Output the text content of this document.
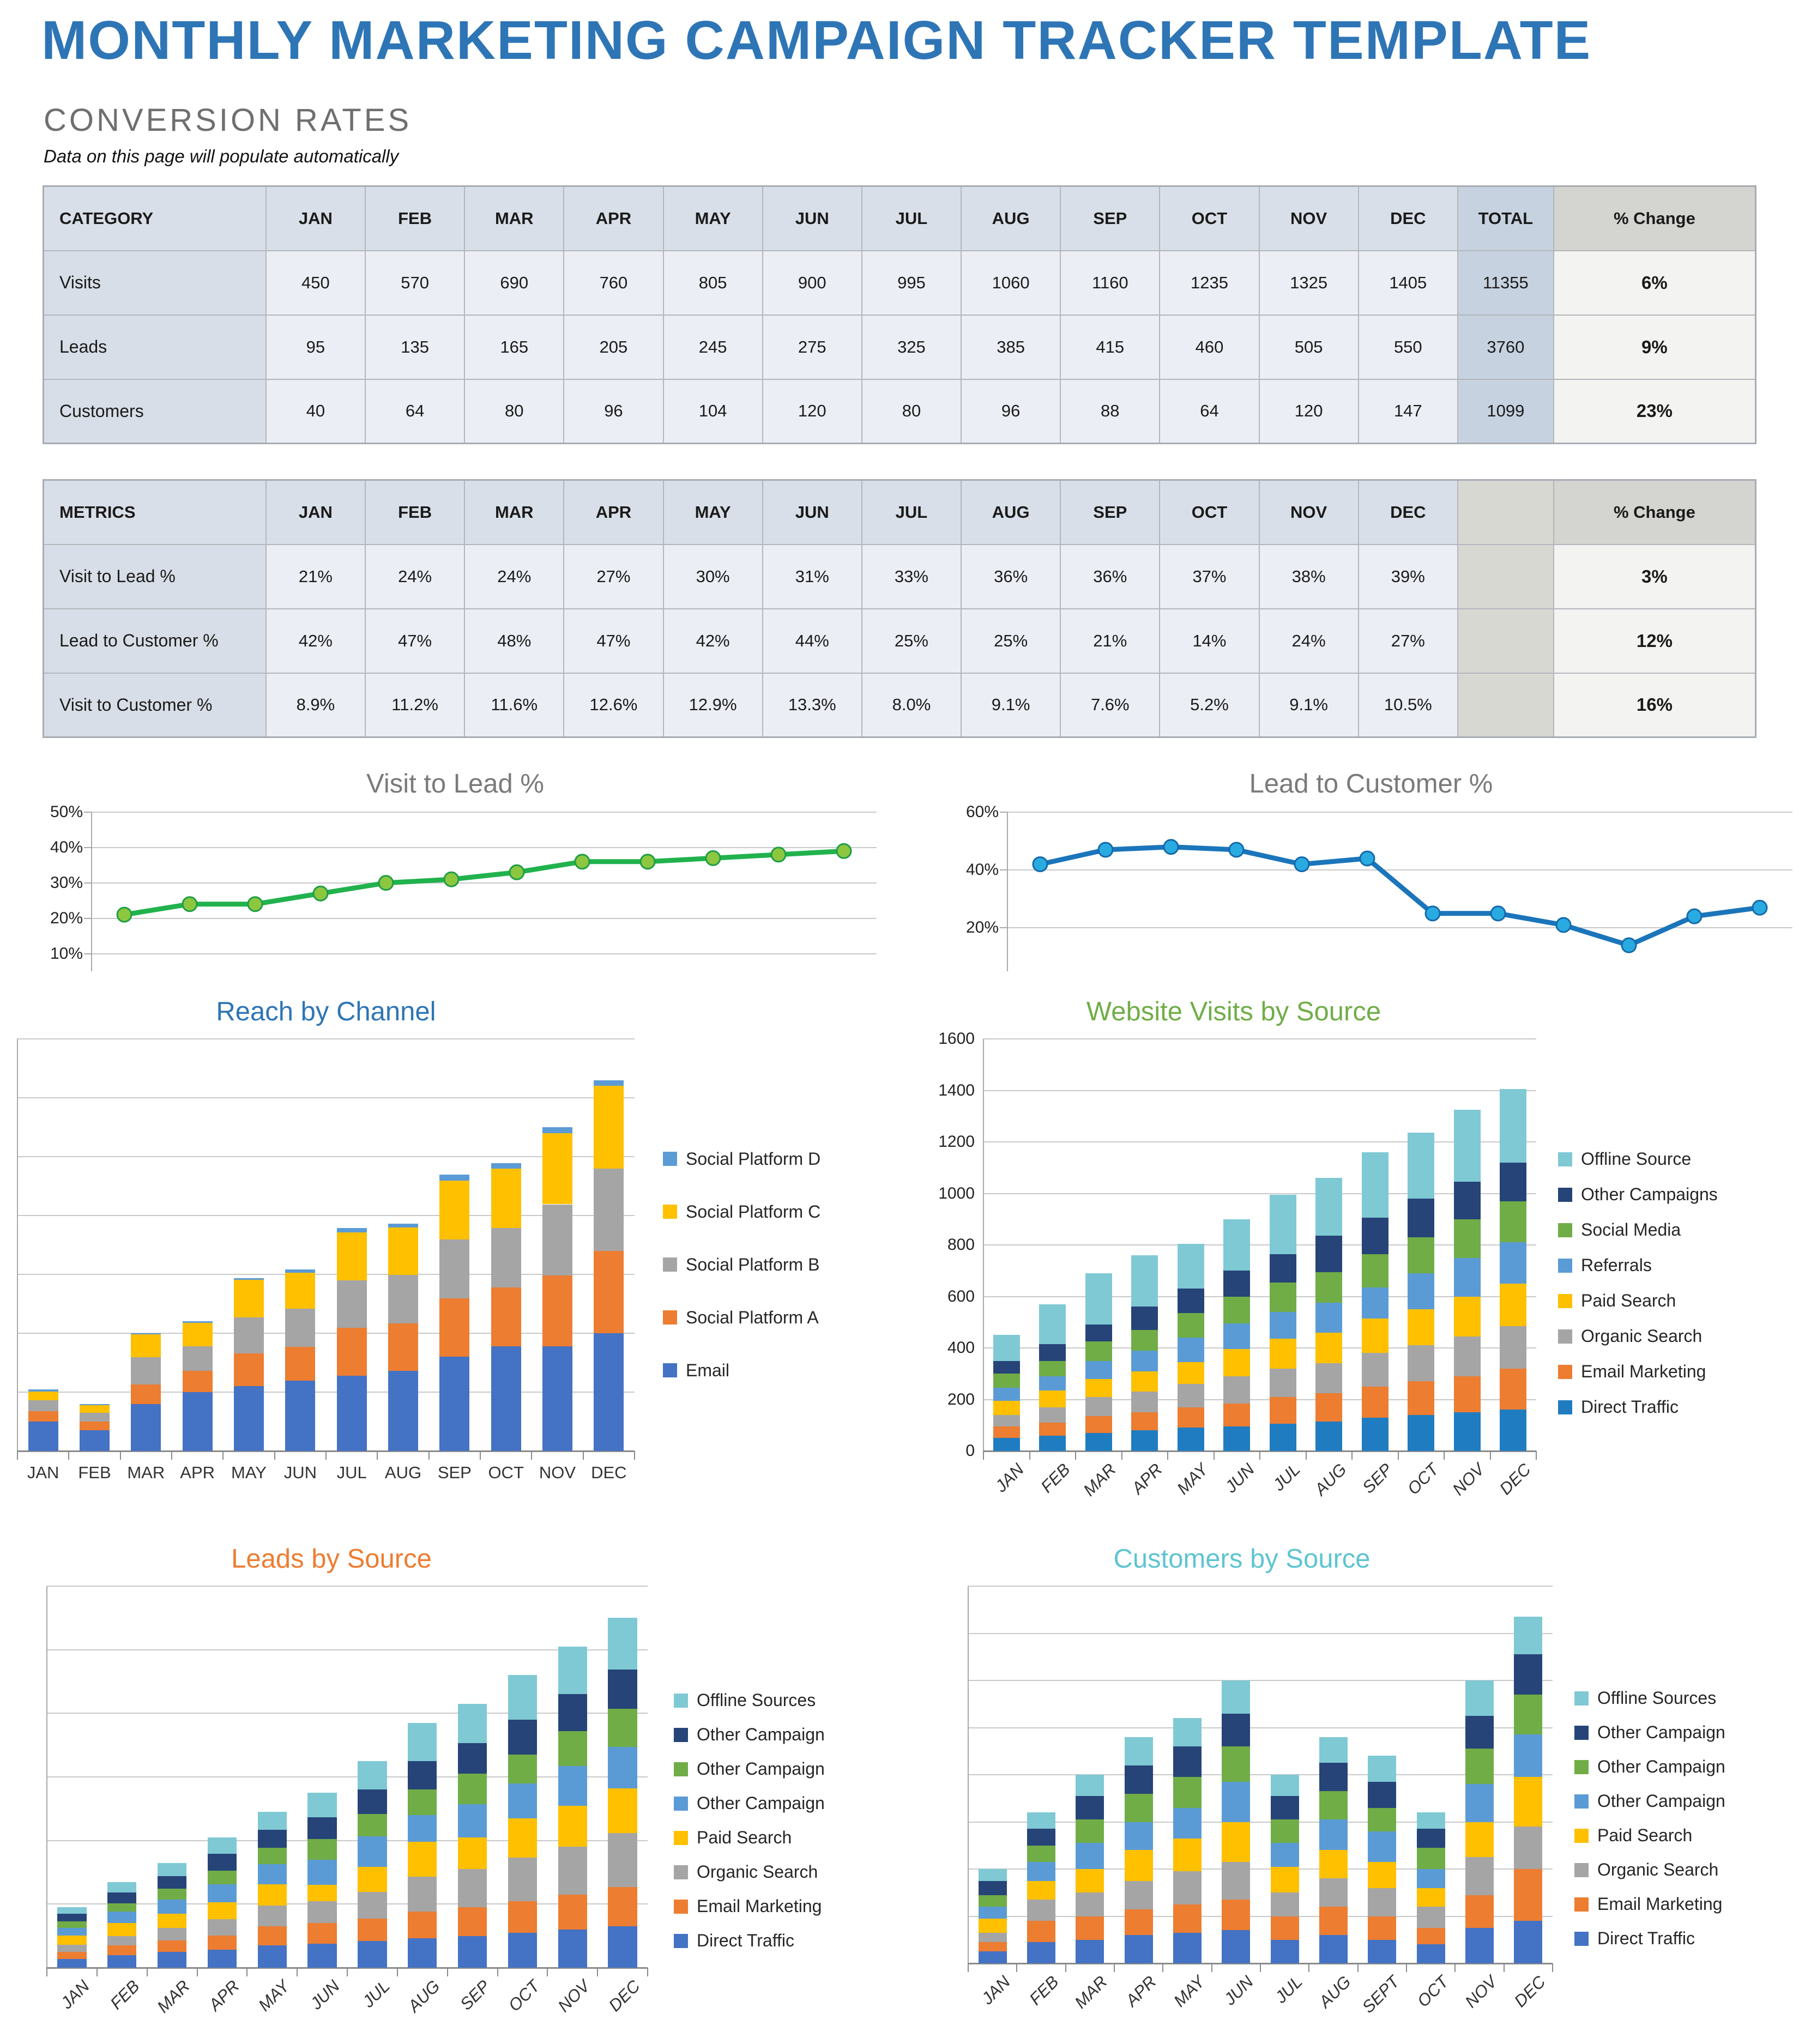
MONTHLY MARKETING CAMPAIGN TRACKER TEMPLATE
CONVERSION RATES
Data on this page will populate automatically
CATEGORY	JAN	FEB	MAR	APR	MAY	JUN	JUL	AUG	SEP	OCT	NOV	DEC	TOTAL	% Change
Visits	450	570	690	760	805	900	995	1060	1160	1235	1325	1405	11355	6%
Leads	95	135	165	205	245	275	325	385	415	460	505	550	3760	9%
Customers	40	64	80	96	104	120	80	96	88	64	120	147	1099	23%
METRICS	JAN	FEB	MAR	APR	MAY	JUN	JUL	AUG	SEP	OCT	NOV	DEC		% Change
Visit to Lead %	21%	24%	24%	27%	30%	31%	33%	36%	36%	37%	38%	39%		3%
Lead to Customer %	42%	47%	48%	47%	42%	44%	25%	25%	21%	14%	24%	27%		12%
Visit to Customer %	8.9%	11.2%	11.6%	12.6%	12.9%	13.3%	8.0%	9.1%	7.6%	5.2%	9.1%	10.5%		16%
Visit to Lead %
10%
20%
30%
40%
50%
Lead to Customer %
20%
40%
60%
Reach by Channel
JAN FEB MAR APR MAY JUN JUL AUG SEP OCT NOV DEC
Social Platform D
Social Platform C
Social Platform B
Social Platform A
Email
Website Visits by Source
0
200
400
600
800
1000
1200
1400
1600
JAN FEB MAR APR MAY JUN JUL AUG SEP OCT NOV DEC
Offline Source
Other Campaigns
Social Media
Referrals
Paid Search
Organic Search
Email Marketing
Direct Traffic
Leads by Source
JAN FEB MAR APR MAY JUN JUL AUG SEP OCT NOV DEC
Offline Sources
Other Campaign
Other Campaign
Other Campaign
Paid Search
Organic Search
Email Marketing
Direct Traffic
Customers by Source
JAN FEB MAR APR MAY JUN JUL AUG SEPT OCT NOV DEC
Offline Sources
Other Campaign
Other Campaign
Other Campaign
Paid Search
Organic Search
Email Marketing
Direct Traffic
